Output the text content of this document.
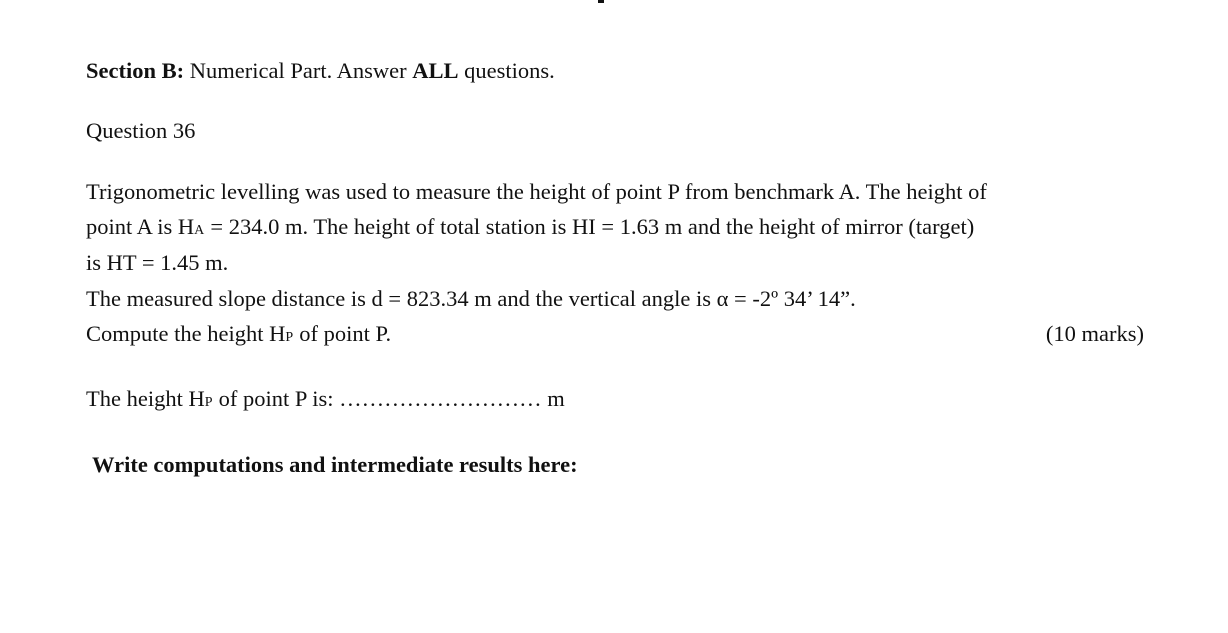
Section B: Numerical Part. Answer ALL questions.
Question 36
Trigonometric levelling was used to measure the height of point P from benchmark A. The height of
point A is HA = 234.0 m. The height of total station is HI = 1.63 m and the height of mirror (target)
is HT = 1.45 m.
The measured slope distance is d = 823.34 m and the vertical angle is α = -2º 34’ 14”.
Compute the height HP of point P.	(10 marks)
The height HP of point P is: ……………………… m
Write computations and intermediate results here:
